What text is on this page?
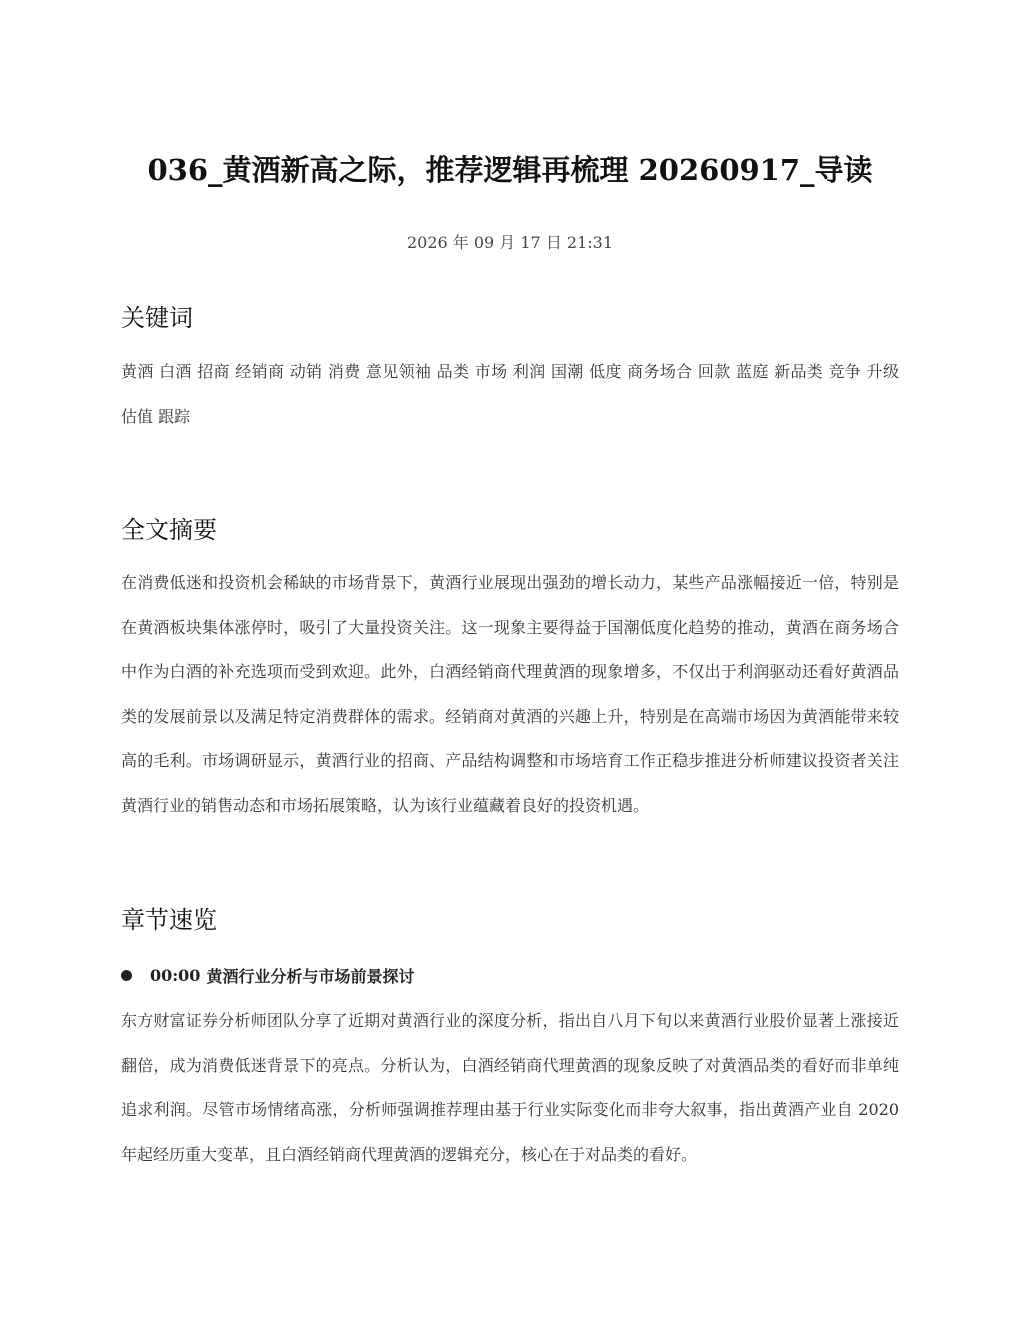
036_黄酒新高之际，推荐逻辑再梳理 20260917_导读
2026 年 09 月 17 日 21:31
关键词

黄酒 白酒 招商 经销商 动销 消费 意见领袖 品类 市场 利润 国潮 低度 商务场合 回款 蓝庭 新品类 竞争 升级 估值 跟踪

全文摘要

在消费低迷和投资机会稀缺的市场背景下，黄酒行业展现出强劲的增长动力，某些产品涨幅接近一倍，特别是在黄酒板块集体涨停时，吸引了大量投资关注。这一现象主要得益于国潮低度化趋势的推动，黄酒在商务场合中作为白酒的补充选项而受到欢迎。此外，白酒经销商代理黄酒的现象增多，不仅出于利润驱动还看好黄酒品类的发展前景以及满足特定消费群体的需求。经销商对黄酒的兴趣上升，特别是在高端市场因为黄酒能带来较高的毛利。市场调研显示，黄酒行业的招商、产品结构调整和市场培育工作正稳步推进分析师建议投资者关注黄酒行业的销售动态和市场拓展策略，认为该行业蕴藏着良好的投资机遇。

章节速览
00:00 黄酒行业分析与市场前景探讨

东方财富证券分析师团队分享了近期对黄酒行业的深度分析，指出自八月下旬以来黄酒行业股价显著上涨接近翻倍，成为消费低迷背景下的亮点。分析认为，白酒经销商代理黄酒的现象反映了对黄酒品类的看好而非单纯追求利润。尽管市场情绪高涨，分析师强调推荐理由基于行业实际变化而非夸大叙事，指出黄酒产业自 2020 年起经历重大变革，且白酒经销商代理黄酒的逻辑充分，核心在于对品类的看好。
